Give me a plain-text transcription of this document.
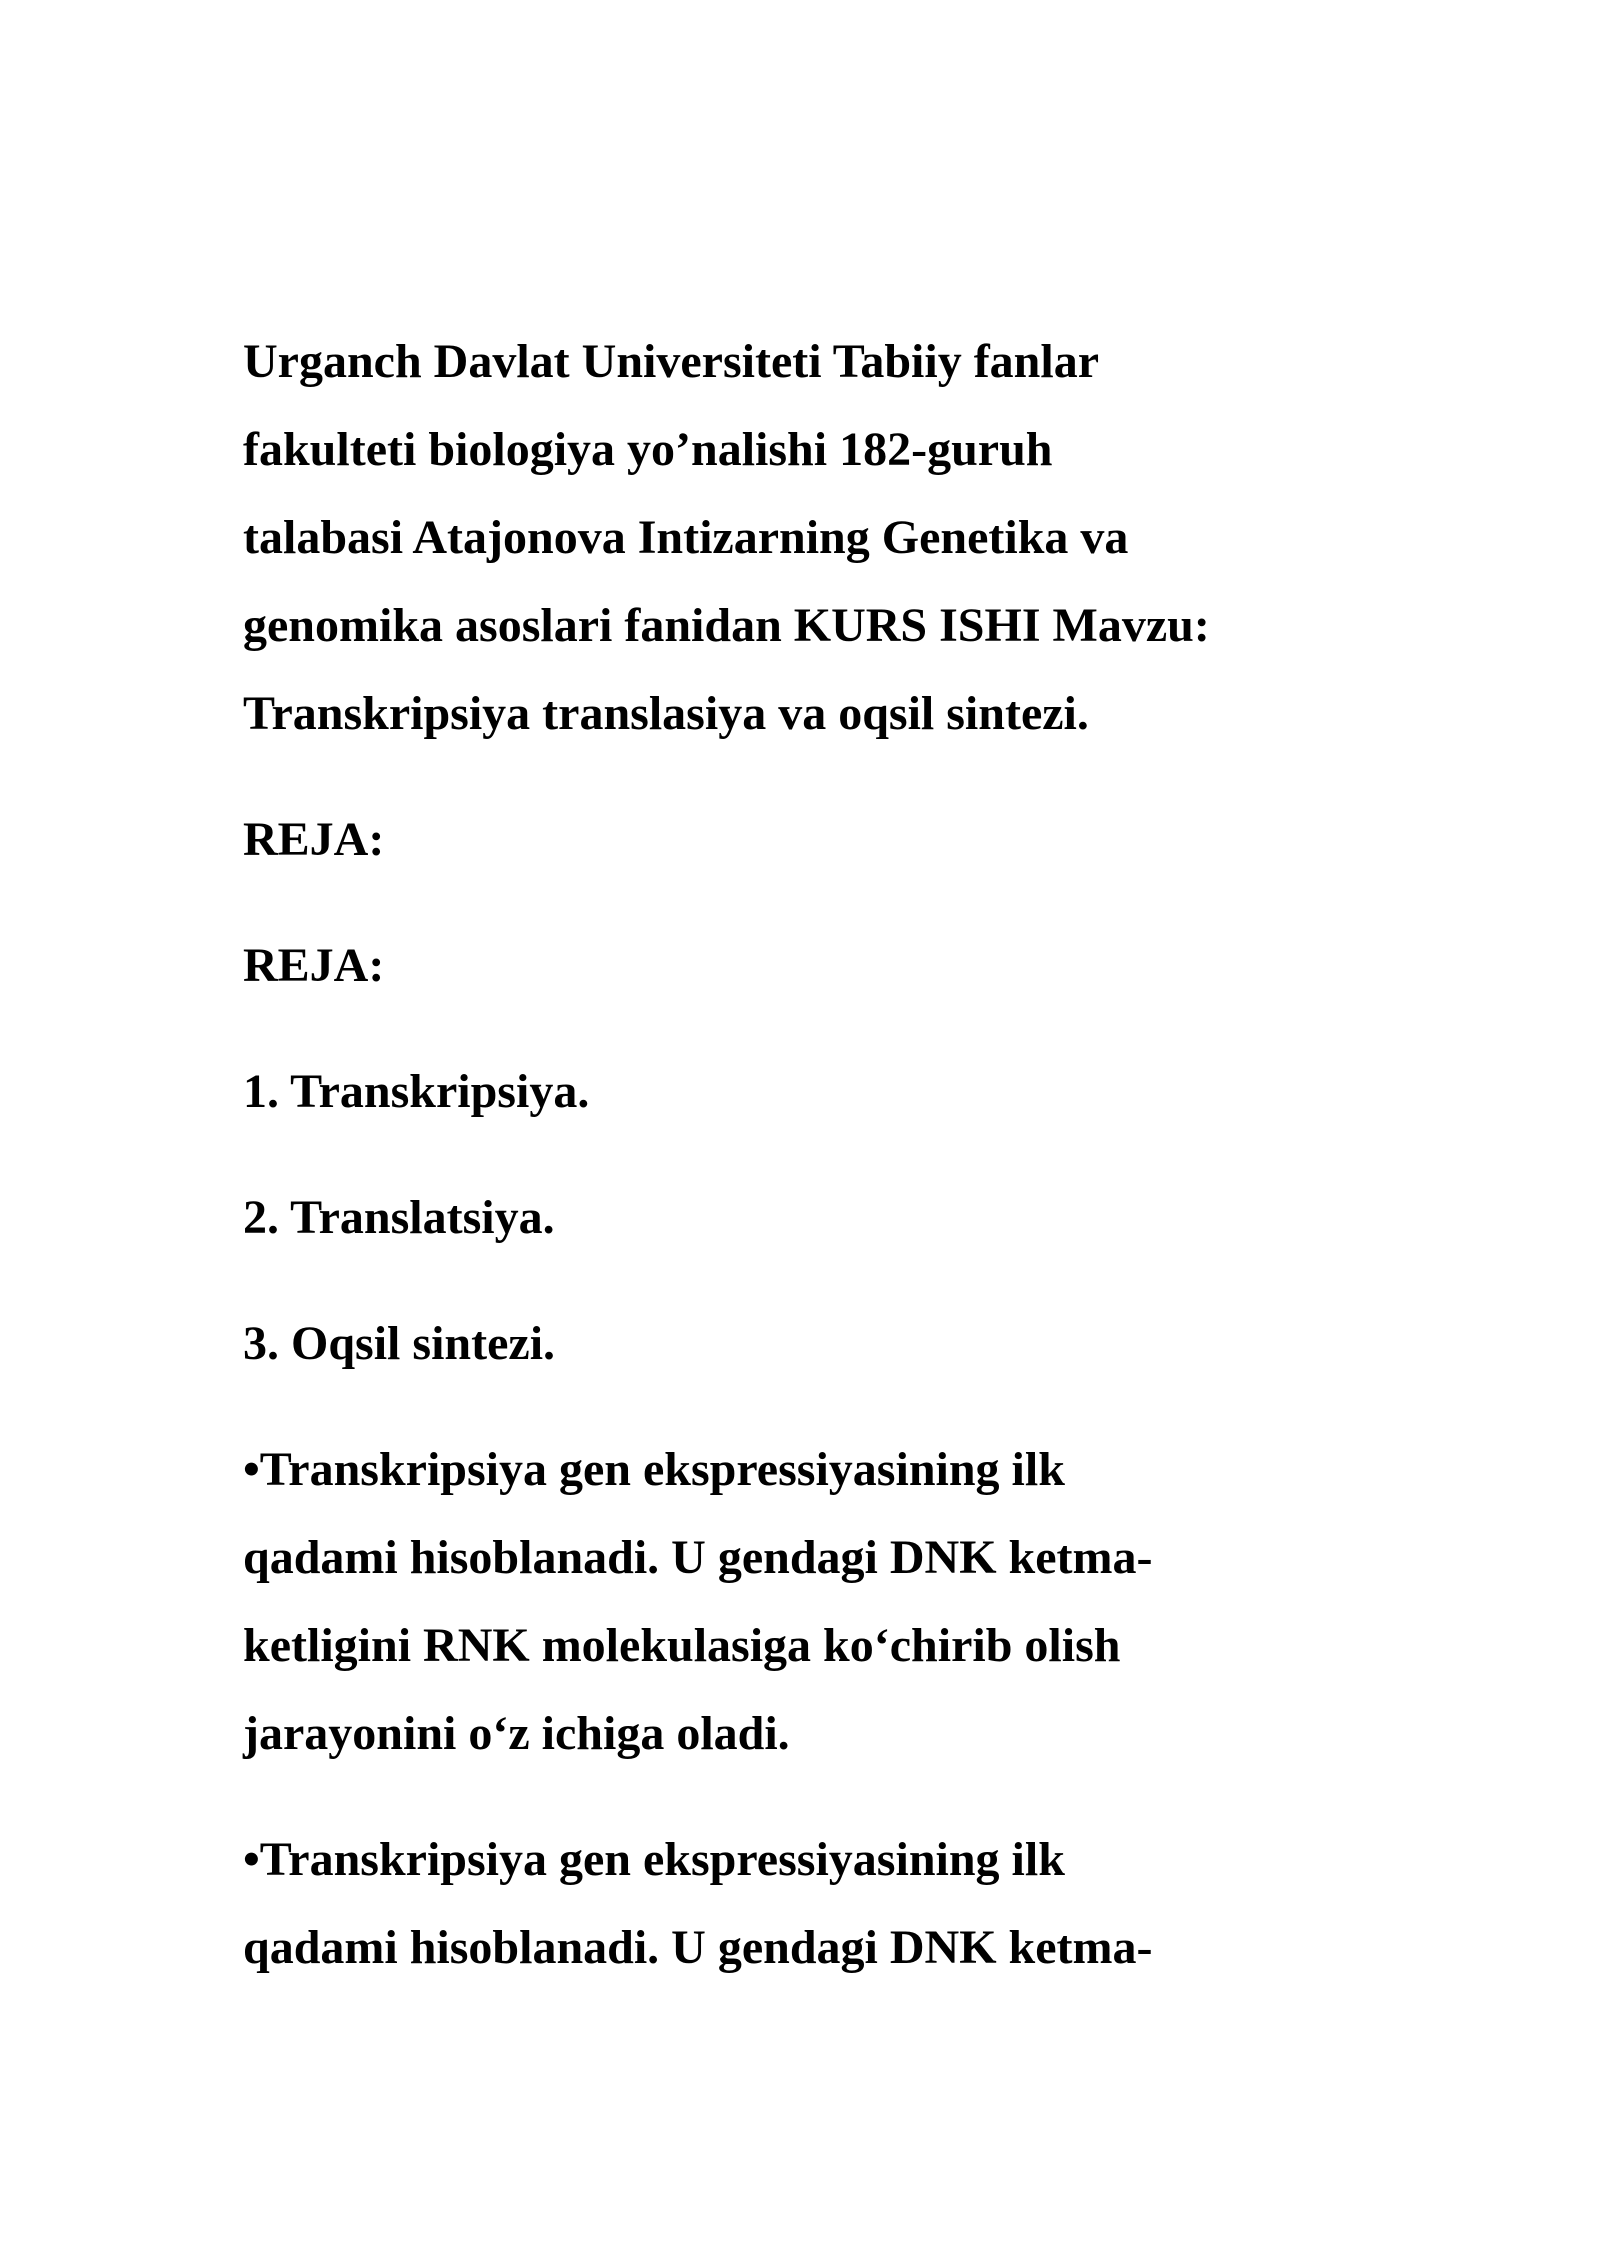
Urganch Davlat Universiteti Tabiiy fanlar
fakulteti biologiya yo’nalishi 182-guruh
talabasi Atajonova Intizarning Genetika va
genomika asoslari fanidan KURS ISHI Mavzu:
Transkripsiya translasiya va oqsil sintezi.
REJA:
REJA:
1. Transkripsiya.
2. Translatsiya.
3. Oqsil sintezi.
•Transkripsiya gen ekspressiyasining ilk
qadami hisoblanadi. U gendagi DNK ketma-
ketligini RNK molekulasiga ko‘chirib olish
jarayonini o‘z ichiga oladi.
•Transkripsiya gen ekspressiyasining ilk
qadami hisoblanadi. U gendagi DNK ketma-
